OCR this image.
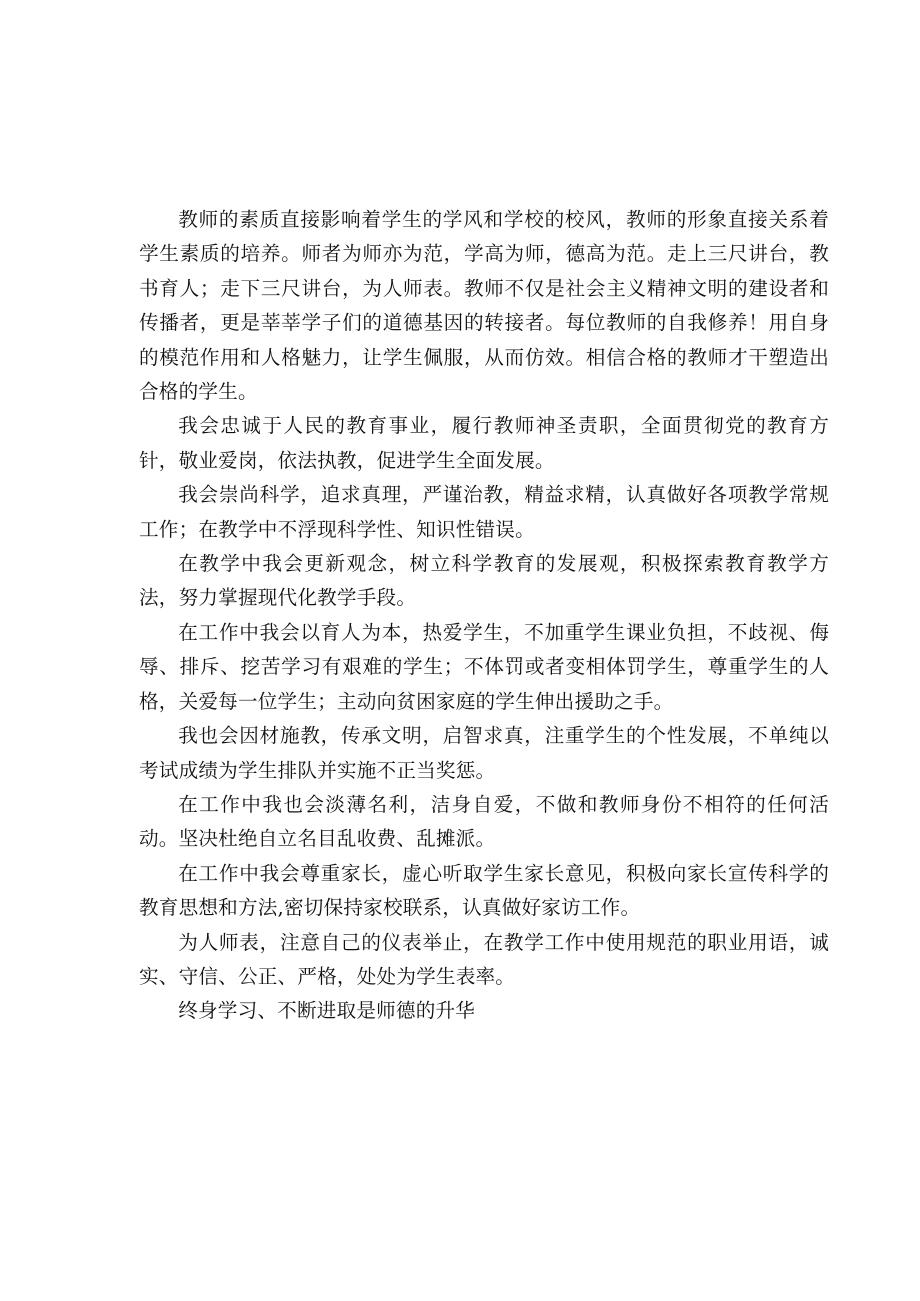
教师的素质直接影响着学生的学风和学校的校风，教师的形象直接关系着学生素质的培养。师者为师亦为范，学高为师，德高为范。走上三尺讲台，教书育人；走下三尺讲台，为人师表。教师不仅是社会主义精神文明的建设者和传播者，更是莘莘学子们的道德基因的转接者。每位教师的自我修养！用自身的模范作用和人格魅力，让学生佩服，从而仿效。相信合格的教师才干塑造出合格的学生。

我会忠诚于人民的教育事业，履行教师神圣责职，全面贯彻党的教育方针，敬业爱岗，依法执教，促进学生全面发展。

我会崇尚科学，追求真理，严谨治教，精益求精，认真做好各项教学常规工作；在教学中不浮现科学性、知识性错误。

在教学中我会更新观念，树立科学教育的发展观，积极探索教育教学方法，努力掌握现代化教学手段。

在工作中我会以育人为本，热爱学生，不加重学生课业负担，不歧视、侮辱、排斥、挖苦学习有艰难的学生；不体罚或者变相体罚学生，尊重学生的人格，关爱每一位学生；主动向贫困家庭的学生伸出援助之手。

我也会因材施教，传承文明，启智求真，注重学生的个性发展，不单纯以考试成绩为学生排队并实施不正当奖惩。

在工作中我也会淡薄名利，洁身自爱，不做和教师身份不相符的任何活动。坚决杜绝自立名目乱收费、乱摊派。

在工作中我会尊重家长，虚心听取学生家长意见，积极向家长宣传科学的教育思想和方法,密切保持家校联系，认真做好家访工作。

为人师表，注意自己的仪表举止，在教学工作中使用规范的职业用语，诚实、守信、公正、严格，处处为学生表率。

终身学习、不断进取是师德的升华
